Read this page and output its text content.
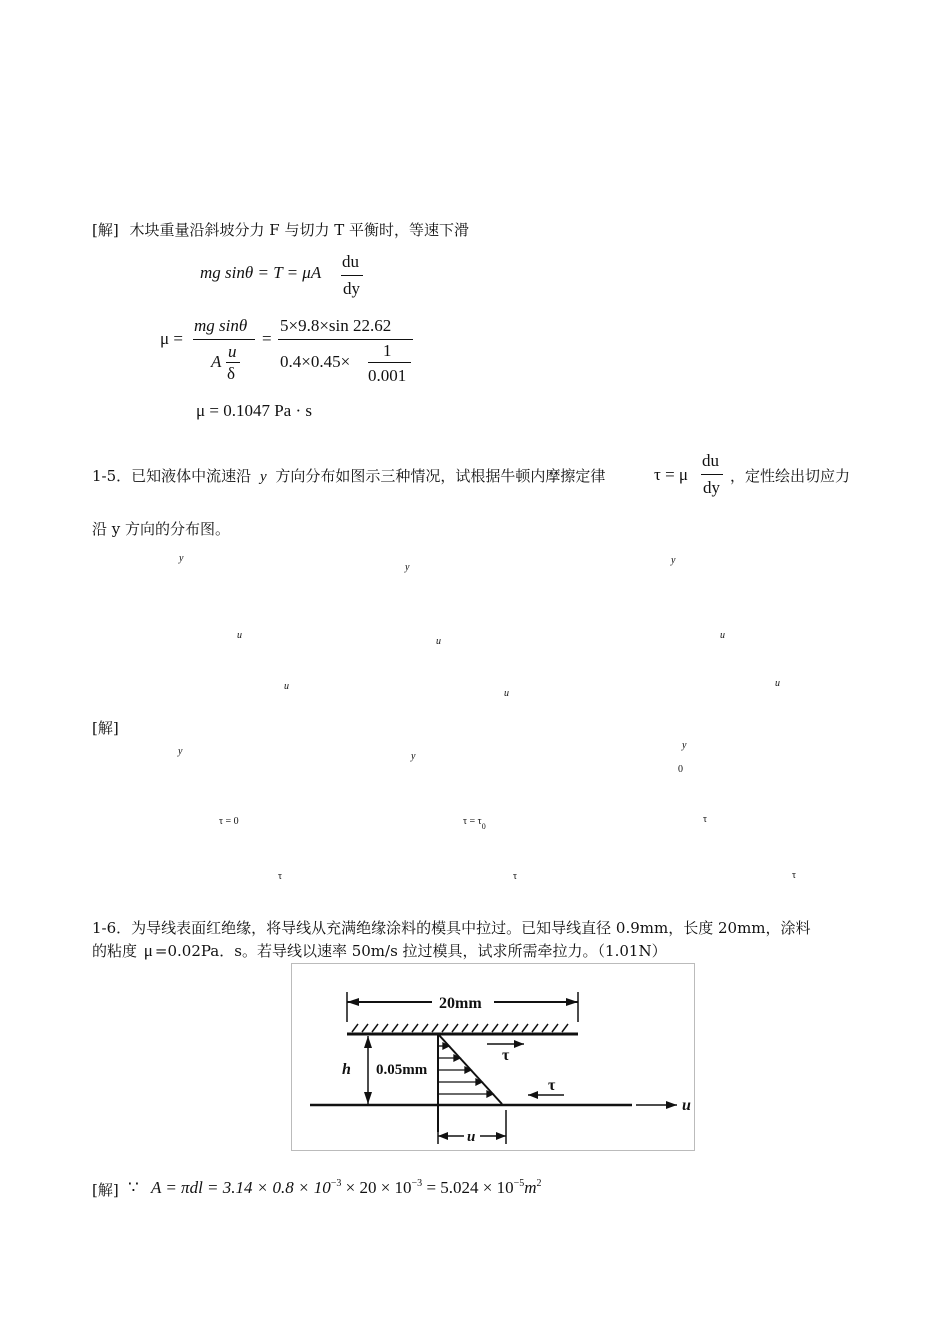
[解] 木块重量沿斜坡分力 F 与切力 T 平衡时，等速下滑
mg sinθ = T = μA
du
dy
μ =
mg sinθ
A
u
δ
=
5×9.8×sin 22.62
0.4×0.45×
1
0.001
μ = 0.1047 Pa · s
1-5．已知液体中流速沿 y 方向分布如图示三种情况，试根据牛顿内摩擦定律	τ = μ
du
dy
，定性绘出切应力
沿 y 方向的分布图。
y
y
y
u
u
u
u
u
u
[解]
y	y
y
0
τ = 0	$\tau = \tau_0$
τ
τ	τ	τ
1-6．为导线表面红绝缘，将导线从充满绝缘涂料的模具中拉过。已知导线直径 0.9mm，长度 20mm，涂料
的粘度 μ =0.02Pa．s。若导线以速率 50m/s 拉过模具，试求所需牵拉力。（1.01N）
20mm
τ
h 0.05mm
u
τ
u
[解] ∵ $A = \pi dl = 3.14 \times 0.8 \times 10^{-3} \times 20 \times 10^{-3} = 5.024 \times 10^{-5}m^2$
